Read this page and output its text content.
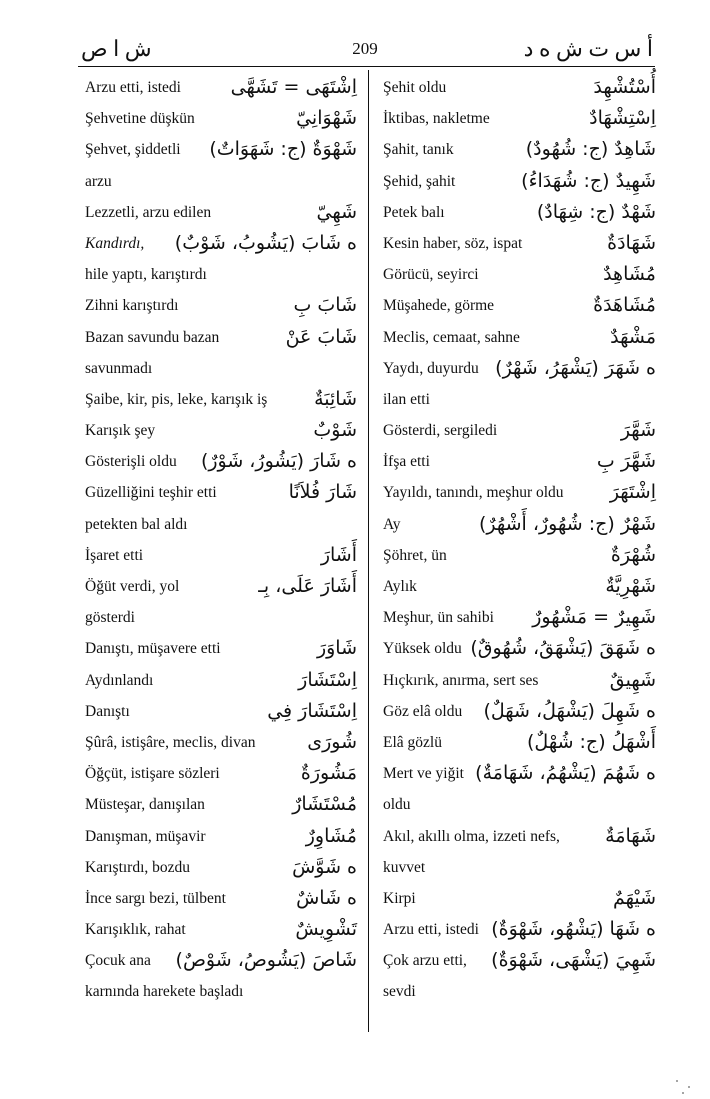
ش ا ص	209	أ س ت ش ه د
Arzu etti, istedi	اِشْتَهَى = تَشَهَّى
Şehvetine düşkün	شَهْوَانِيّ
Şehvet, şiddetli شَهْوَةٌ (ج: شَهَوَاتٌ)
arzu
Lezzetli, arzu edilen	شَهِيّ
Kandırdı, ه شَابَ (يَشُوبُ، شَوْبٌ)
hile yaptı, karıştırdı
Zihni karıştırdı	شَابَ بِ
Bazan savundu bazan	شَابَ عَنْ
savunmadı
Şaibe, kir, pis, leke, karışık iş شَائِبَةٌ
Karışık şey	شَوْبٌ
Gösterişli oldu ه شَارَ (يَشُورُ، شَوْرٌ)
Güzelliğini teşhir etti	شَارَ فُلاَنًا
petekten bal aldı
İşaret etti	أَشَارَ
Öğüt verdi, yol	أَشَارَ عَلَى، بِـ
gösterdi
Danıştı, müşavere etti	شَاوَرَ
Aydınlandı	اِسْتَشَارَ
Danıştı	اِسْتَشَارَ فِي
Şûrâ, istişâre, meclis, divan	شُورَى
Öğçüt, istişare sözleri	مَشُورَةٌ
Müsteşar, danışılan	مُسْتَشَارٌ
Danışman, müşavir	مُشَاوِرٌ
Karıştırdı, bozdu	ه شَوَّشَ
İnce sargı bezi, tülbent	ه شَاشٌ
Karışıklık, rahat	تَشْوِيشٌ
Çocuk ana شَاصَ (يَشُوصُ، شَوْصٌ)
karnında harekete başladı
Şehit oldu	أُسْتُشْهِدَ
İktibas, nakletme	اِسْتِشْهَادٌ
Şahit, tanık	شَاهِدٌ (ج: شُهُودٌ)
Şehid, şahit	شَهِيدٌ (ج: شُهَدَاءُ)
Petek balı	شَهْدٌ (ج: شِهَادٌ)
Kesin haber, söz, ispat	شَهَادَةٌ
Görücü, seyirci	مُشَاهِدٌ
Müşahede, görme	مُشَاهَدَةٌ
Meclis, cemaat, sahne	مَشْهَدٌ
Yaydı, duyurdu ه شَهَرَ (يَشْهَرُ، شَهْرٌ)
ilan etti
Gösterdi, sergiledi	شَهَّرَ
İfşa etti	شَهَّرَ بِ
Yayıldı, tanındı, meşhur oldu اِشْتَهَرَ
Ay	شَهْرٌ (ج: شُهُورٌ، أَشْهُرٌ)
Şöhret, ün	شُهْرَةٌ
Aylık	شَهْرِيَّةٌ
Meşhur, ün sahibi شَهِيرٌ = مَشْهُورٌ
Yüksek oldu ه شَهَقَ (يَشْهَقُ، شُهُوقٌ)
Hıçkırık, anırma, sert ses	شَهِيقٌ
Göz elâ oldu ه شَهِلَ (يَشْهَلُ، شَهَلٌ)
Elâ gözlü	أَشْهَلُ (ج: شُهْلٌ)
Mert ve yiğit ه شَهُمَ (يَشْهُمُ، شَهَامَةٌ)
oldu
Akıl, akıllı olma, izzeti nefs, شَهَامَةٌ
kuvvet
Kirpi	شَيْهَمٌ
Arzu etti, istedi ه شَهَا (يَشْهُو، شَهْوَةٌ)
Çok arzu etti, شَهِيَ (يَشْهَى، شَهْوَةٌ)
sevdi
